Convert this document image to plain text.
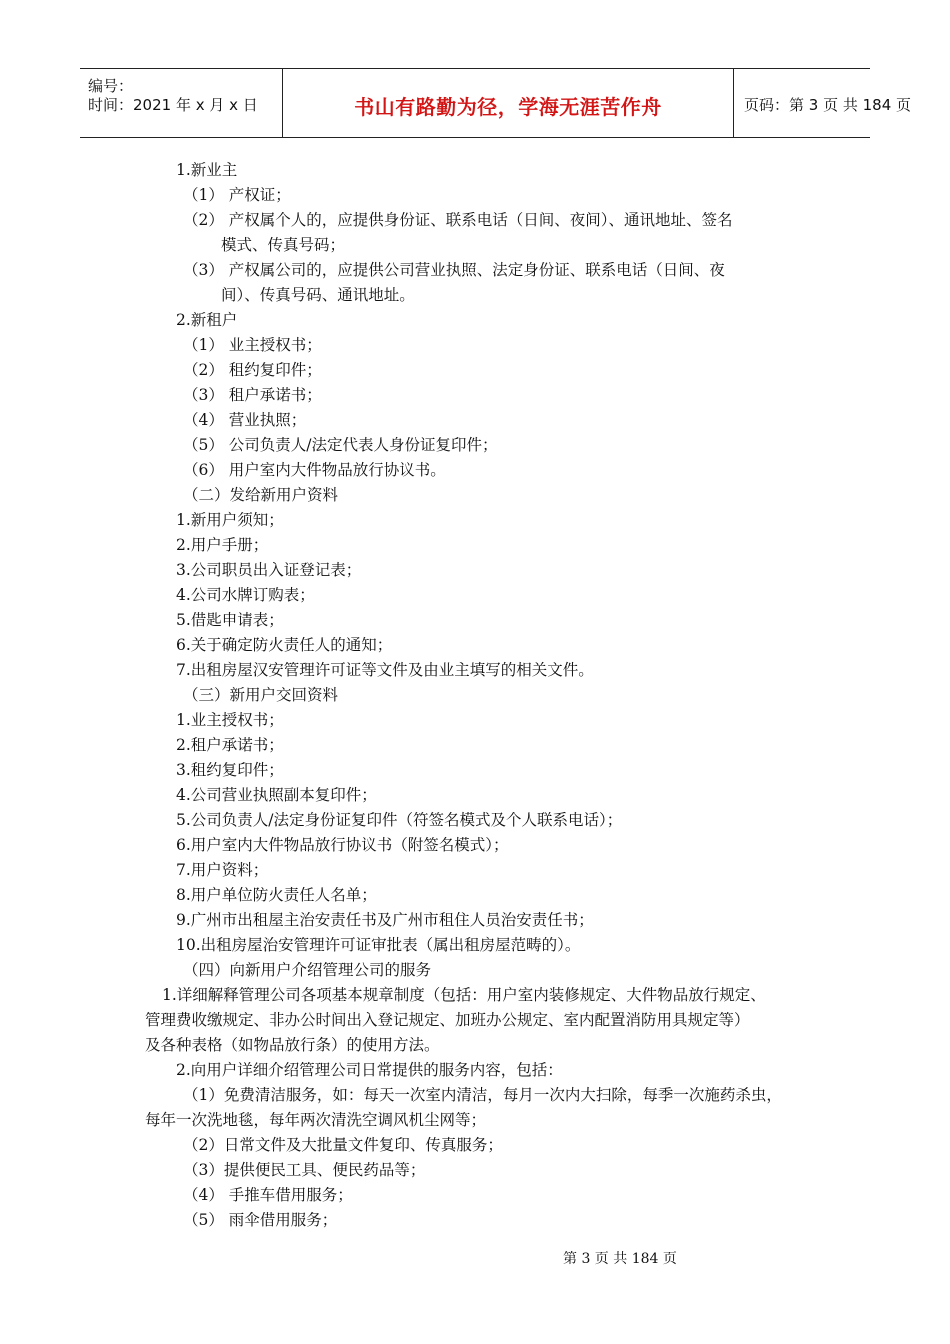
编号：
时间：2021 年 x 月 x 日	书山有路勤为径，学海无涯苦作舟	页码：第 3 页 共 184 页
1.新业主
（1） 产权证；
（2） 产权属个人的，应提供身份证、联系电话（日间、夜间）、通讯地址、签名
模式、传真号码；
（3） 产权属公司的，应提供公司营业执照、法定身份证、联系电话（日间、夜
间）、传真号码、通讯地址。
2.新租户
（1） 业主授权书；
（2） 租约复印件；
（3） 租户承诺书；
（4） 营业执照；
（5） 公司负责人/法定代表人身份证复印件；
（6） 用户室内大件物品放行协议书。
（二）发给新用户资料
1.新用户须知；
2.用户手册；
3.公司职员出入证登记表；
4.公司水牌订购表；
5.借匙申请表；
6.关于确定防火责任人的通知；
7.出租房屋汉安管理许可证等文件及由业主填写的相关文件。
（三）新用户交回资料
1.业主授权书；
2.租户承诺书；
3.租约复印件；
4.公司营业执照副本复印件；
5.公司负责人/法定身份证复印件（符签名模式及个人联系电话）；
6.用户室内大件物品放行协议书（附签名模式）；
7.用户资料；
8.用户单位防火责任人名单；
9.广州市出租屋主治安责任书及广州市租住人员治安责任书；
10.出租房屋治安管理许可证审批表（属出租房屋范畴的）。
（四）向新用户介绍管理公司的服务
1.详细解释管理公司各项基本规章制度（包括：用户室内装修规定、大件物品放行规定、
管理费收缴规定、非办公时间出入登记规定、加班办公规定、室内配置消防用具规定等）
及各种表格（如物品放行条）的使用方法。
2.向用户详细介绍管理公司日常提供的服务内容，包括：
（1）免费清洁服务，如：每天一次室内清洁，每月一次内大扫除，每季一次施药杀虫，
每年一次洗地毯，每年两次清洗空调风机尘网等；
（2）日常文件及大批量文件复印、传真服务；
（3）提供便民工具、便民药品等；
（4） 手推车借用服务；
（5） 雨伞借用服务；
第 3 页 共 184 页
